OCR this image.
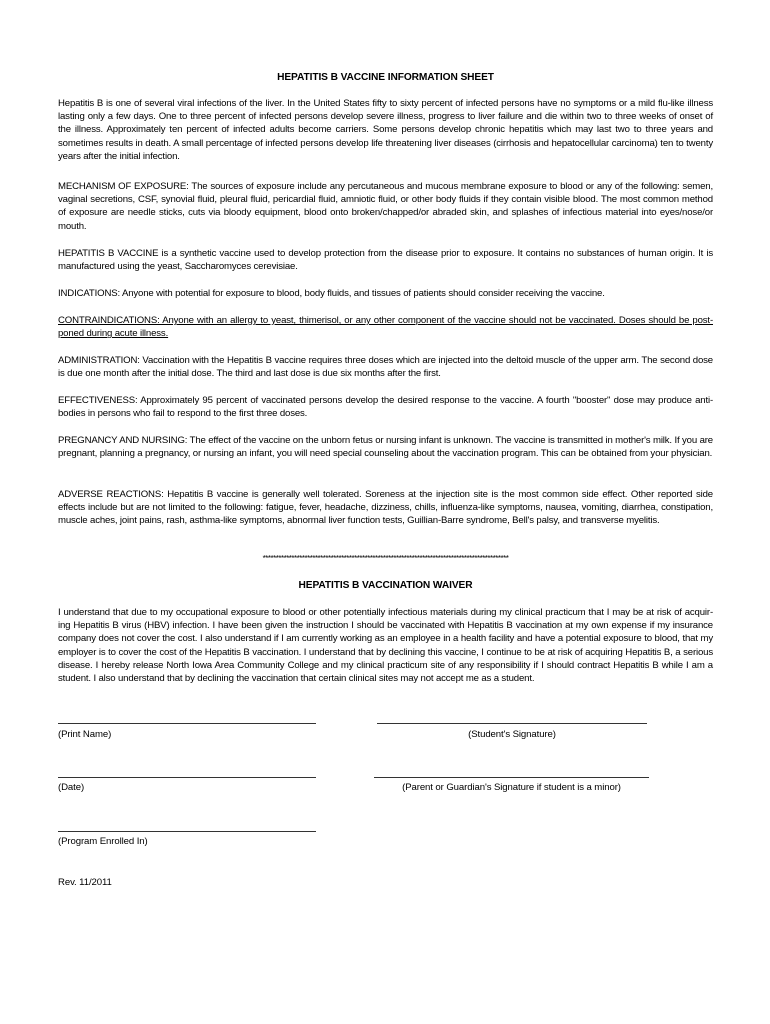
HEPATITIS B VACCINE INFORMATION SHEET

Hepatitis B is one of several viral infections of the liver. In the United States fifty to sixty percent of infected persons have no symptoms or a mild flu-like illness lasting only a few days. One to three percent of infected persons develop severe illness, progress to liver failure and die within two to three weeks of onset of the illness. Approximately ten percent of infected adults become carriers. Some persons develop chronic hepatitis which may last two to three years and sometimes results in death. A small percentage of infected persons develop life threatening liver diseases (cirrhosis and hepatocellular carcinoma) ten to twenty years after the initial infection.

MECHANISM OF EXPOSURE: The sources of exposure include any percutaneous and mucous membrane exposure to blood or any of the following: semen, vaginal secretions, CSF, synovial fluid, pleural fluid, pericardial fluid, amniotic fluid, or other body fluids if they contain visible blood. The most common method of exposure are needle sticks, cuts via bloody equipment, blood onto broken/chapped/or abraded skin, and splashes of infectious material into eyes/nose/or mouth.

HEPATITIS B VACCINE is a synthetic vaccine used to develop protection from the disease prior to exposure. It contains no substances of human origin. It is manufactured using the yeast, Saccharomyces cerevisiae.

INDICATIONS: Anyone with potential for exposure to blood, body fluids, and tissues of patients should consider receiving the vaccine.

CONTRAINDICATIONS: Anyone with an allergy to yeast, thimerisol, or any other component of the vaccine should not be vaccinated. Doses should be post-poned during acute illness.

ADMINISTRATION: Vaccination with the Hepatitis B vaccine requires three doses which are injected into the deltoid muscle of the upper arm. The second dose is due one month after the initial dose. The third and last dose is due six months after the first.

EFFECTIVENESS: Approximately 95 percent of vaccinated persons develop the desired response to the vaccine. A fourth "booster" dose may produce anti-bodies in persons who fail to respond to the first three doses.

PREGNANCY AND NURSING: The effect of the vaccine on the unborn fetus or nursing infant is unknown. The vaccine is transmitted in mother's milk. If you are pregnant, planning a pregnancy, or nursing an infant, you will need special counseling about the vaccination program. This can be obtained from your physician.

ADVERSE REACTIONS: Hepatitis B vaccine is generally well tolerated. Soreness at the injection site is the most common side effect. Other reported side effects include but are not limited to the following: fatigue, fever, headache, dizziness, chills, influenza-like symptoms, nausea, vomiting, diarrhea, constipation, muscle aches, joint pains, rash, asthma-like symptoms, abnormal liver function tests, Guillian-Barre syndrome, Bell's palsy, and transverse myelitis.

**********************************************************************************************
HEPATITIS B VACCINATION WAIVER

I understand that due to my occupational exposure to blood or other potentially infectious materials during my clinical practicum that I may be at risk of acquir-ing Hepatitis B virus (HBV) infection. I have been given the instruction I should be vaccinated with Hepatitis B vaccination at my own expense if my insurance company does not cover the cost. I also understand if I am currently working as an employee in a health facility and have a potential exposure to blood, that my employer is to cover the cost of the Hepatitis B vaccination. I understand that by declining this vaccine, I continue to be at risk of acquiring Hepatitis B, a serious disease. I hereby release North Iowa Area Community College and my clinical practicum site of any responsibility if I should contract Hepatitis B while I am a student. I also understand that by declining the vaccination that certain clinical sites may not accept me as a student.

(Print Name)	(Student's Signature)
(Date)	(Parent or Guardian's Signature if student is a minor)
(Program Enrolled In)
Rev. 11/2011
